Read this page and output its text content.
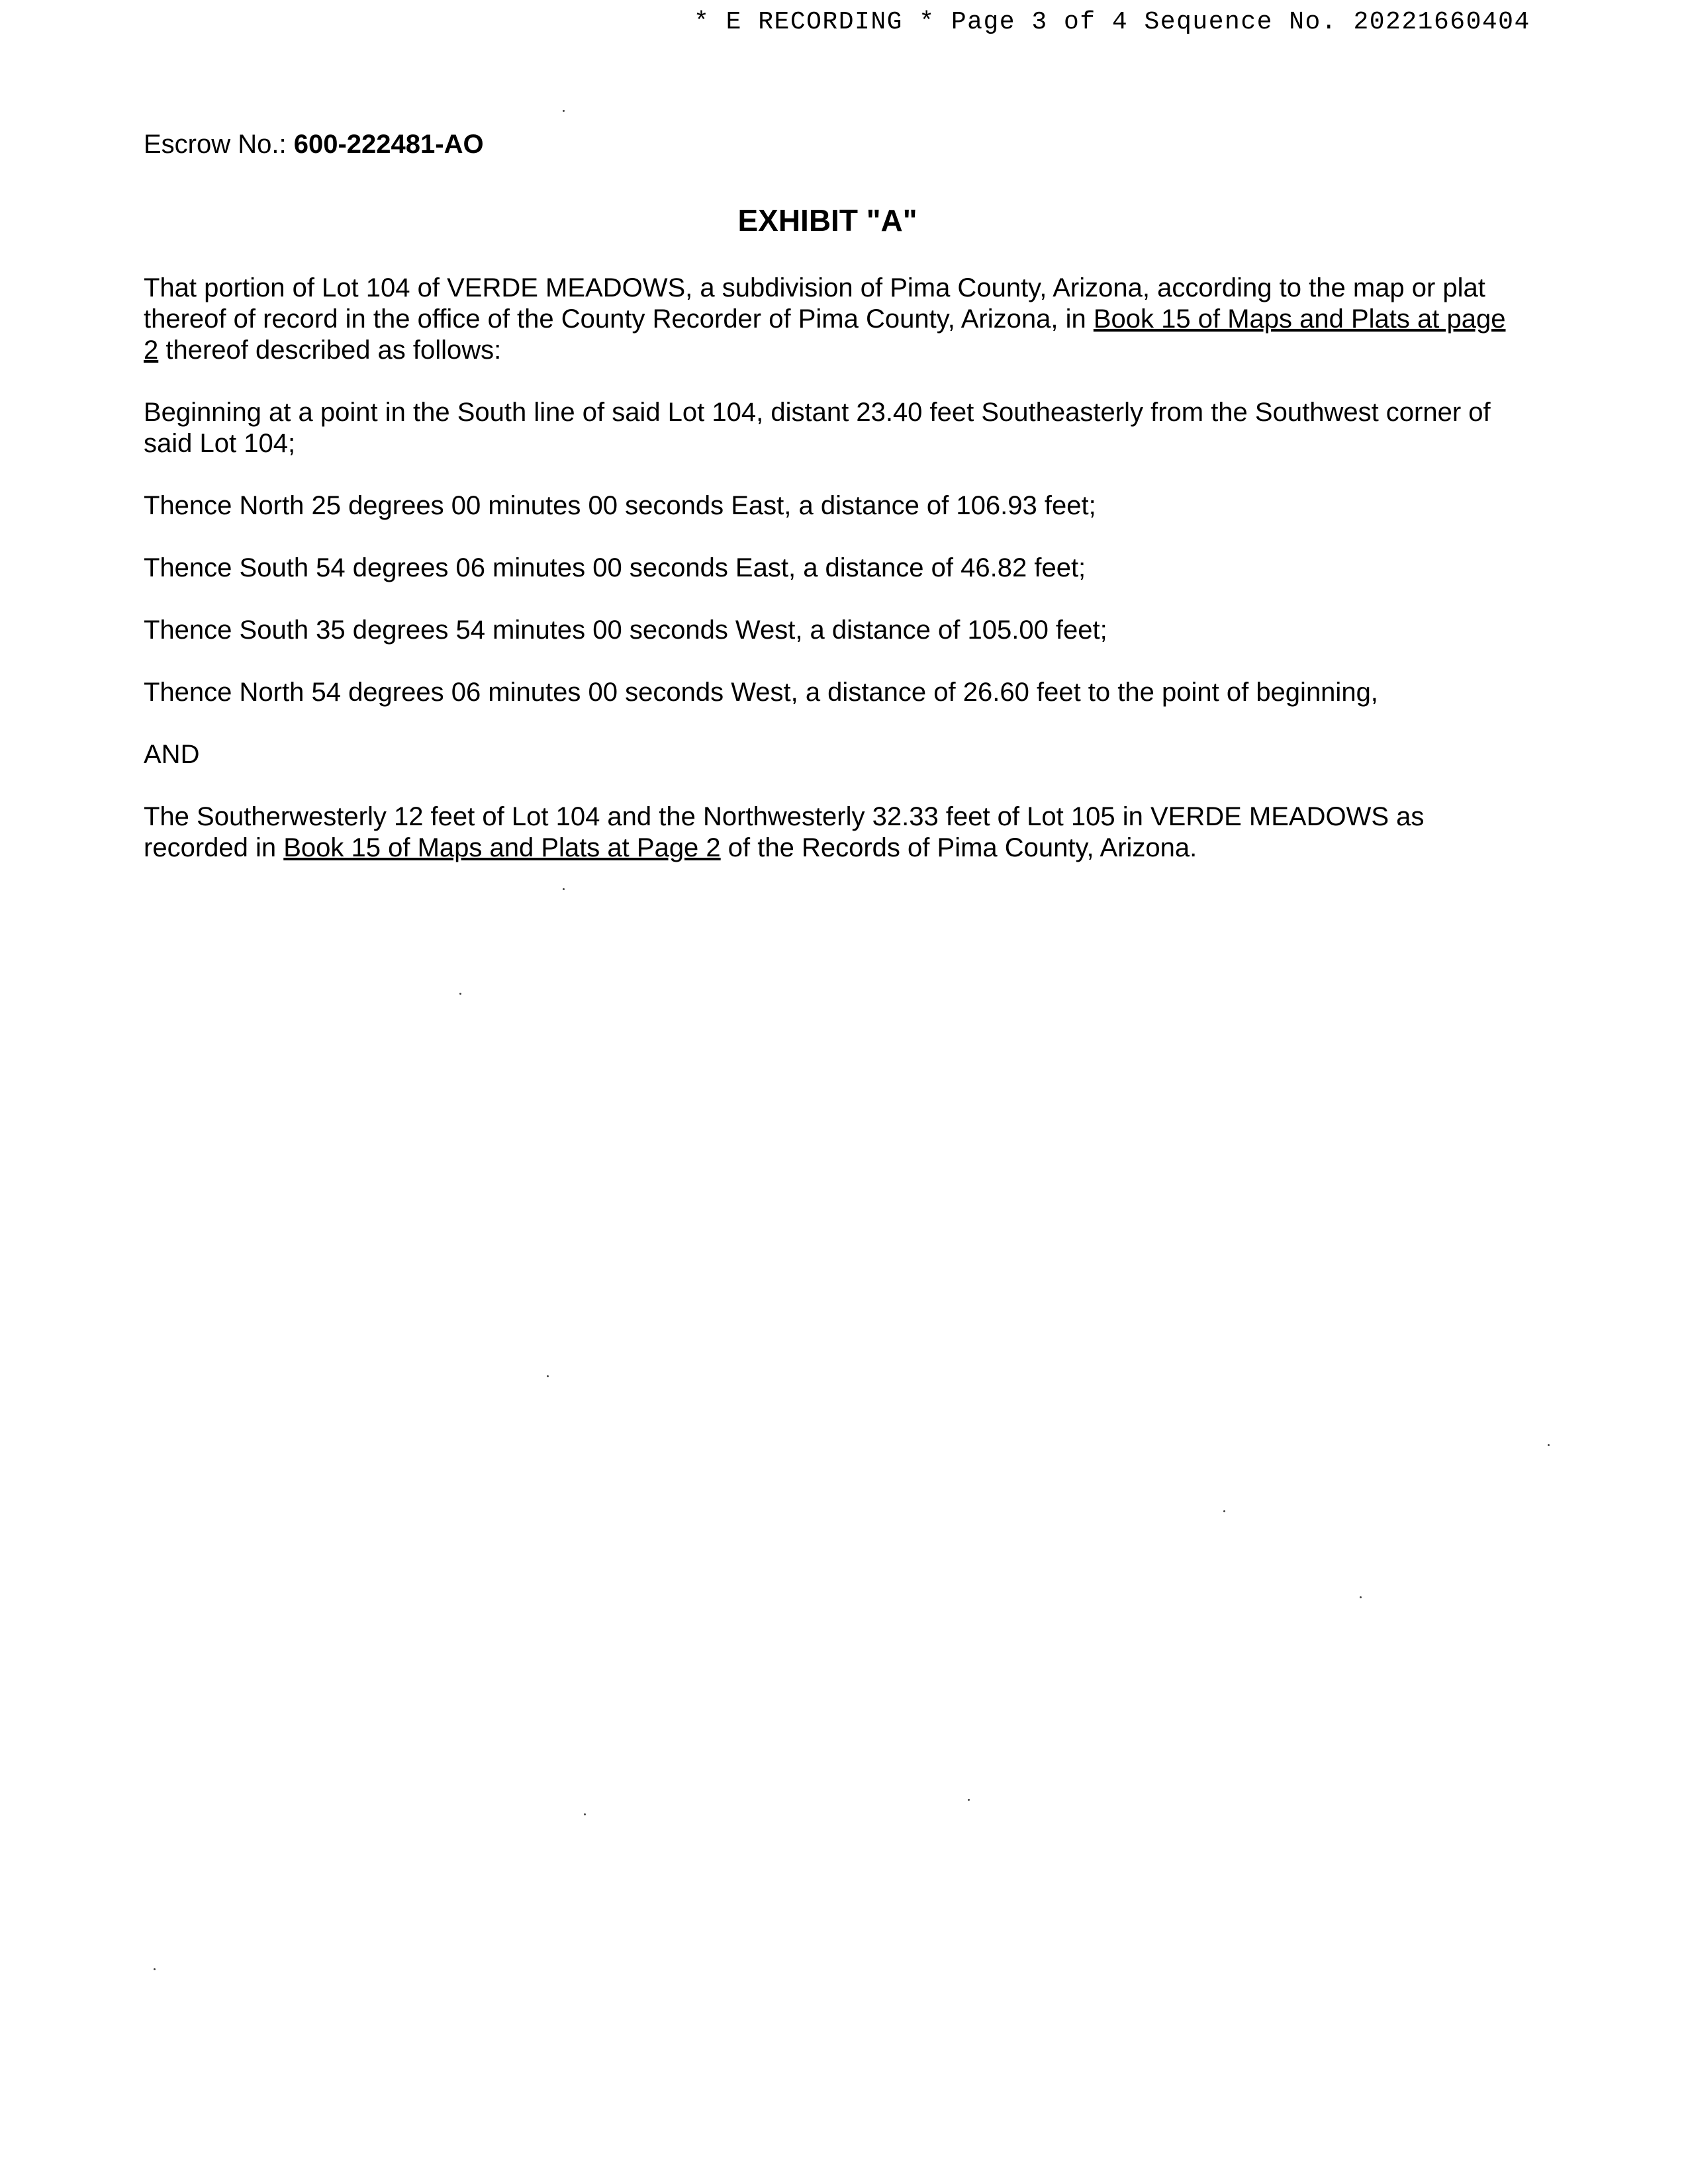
* E RECORDING * Page 3 of 4 Sequence No. 20221660404
Escrow No.: 600-222481-AO
EXHIBIT "A"

That portion of Lot 104 of VERDE MEADOWS, a subdivision of Pima County, Arizona, according to the map or plat thereof of record in the office of the County Recorder of Pima County, Arizona, in Book 15 of Maps and Plats at page 2 thereof described as follows:

Beginning at a point in the South line of said Lot 104, distant 23.40 feet Southeasterly from the Southwest corner of said Lot 104;

Thence North 25 degrees 00 minutes 00 seconds East, a distance of 106.93 feet;

Thence South 54 degrees 06 minutes 00 seconds East, a distance of 46.82 feet;

Thence South 35 degrees 54 minutes 00 seconds West, a distance of 105.00 feet;

Thence North 54 degrees 06 minutes 00 seconds West, a distance of 26.60 feet to the point of beginning,

AND

The Southerwesterly 12 feet of Lot 104 and the Northwesterly 32.33 feet of Lot 105 in VERDE MEADOWS as recorded in Book 15 of Maps and Plats at Page 2 of the Records of Pima County, Arizona.
